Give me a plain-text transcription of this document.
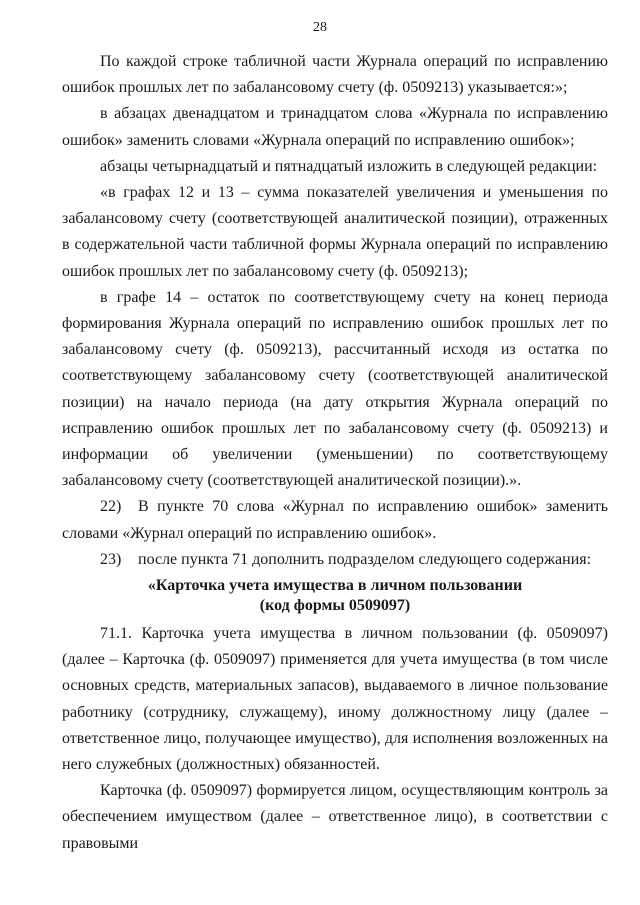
28

По каждой строке табличной части Журнала операций по исправлению ошибок прошлых лет по забалансовому счету (ф. 0509213) указывается:»;

в абзацах двенадцатом и тринадцатом слова «Журнала по исправлению ошибок» заменить словами «Журнала операций по исправлению ошибок»;

абзацы четырнадцатый и пятнадцатый изложить в следующей редакции:

«в графах 12 и 13 – сумма показателей увеличения и уменьшения по забалансовому счету (соответствующей аналитической позиции), отраженных в содержательной части табличной формы Журнала операций по исправлению ошибок прошлых лет по забалансовому счету (ф. 0509213);

в графе 14 – остаток по соответствующему счету на конец периода формирования Журнала операций по исправлению ошибок прошлых лет по забалансовому счету (ф. 0509213), рассчитанный исходя из остатка по соответствующему забалансовому счету (соответствующей аналитической позиции) на начало периода (на дату открытия Журнала операций по исправлению ошибок прошлых лет по забалансовому счету (ф. 0509213) и информации об увеличении (уменьшении) по соответствующему забалансовому счету (соответствующей аналитической позиции).».

22) В пункте 70 слова «Журнал по исправлению ошибок» заменить словами «Журнал операций по исправлению ошибок».

23) после пункта 71 дополнить подразделом следующего содержания:

«Карточка учета имущества в личном пользовании
(код формы 0509097)

71.1. Карточка учета имущества в личном пользовании (ф. 0509097) (далее – Карточка (ф. 0509097) применяется для учета имущества (в том числе основных средств, материальных запасов), выдаваемого в личное пользование работнику (сотруднику, служащему), иному должностному лицу (далее – ответственное лицо, получающее имущество), для исполнения возложенных на него служебных (должностных) обязанностей.

Карточка (ф. 0509097) формируется лицом, осуществляющим контроль за обеспечением имуществом (далее – ответственное лицо), в соответствии с правовыми
